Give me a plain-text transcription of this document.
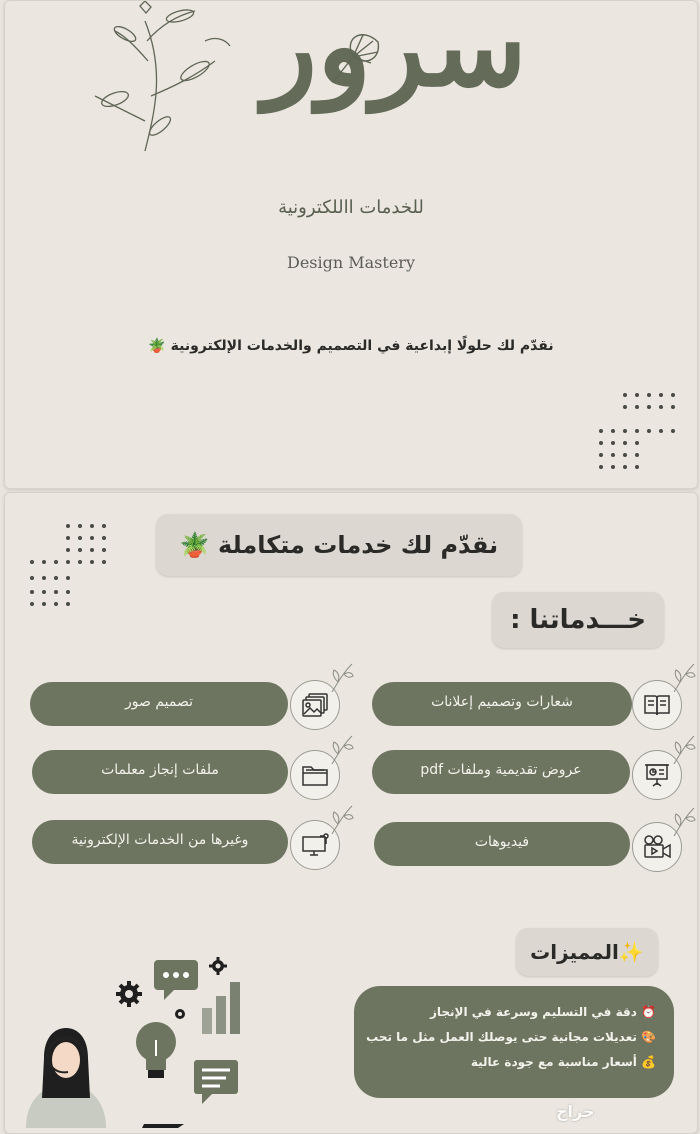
سرور
للخدمات االلكترونية
Design Mastery
نقدّم لك حلولًا إبداعية في التصميم والخدمات الإلكترونية 🪴
نقدّم لك خدمات متكاملة 🪴
خـــدماتنا :
شعارات وتصميم إعلانات
تصميم صور
عروض تقديمية وملفات pdf
ملفات إنجاز معلمات
فيديوهات
وغيرها من الخدمات الإلكترونية
✨المميزات
⏰ دقة في التسليم وسرعة في الإنجاز
🎨 تعديلات مجانية حتى يوصلك العمل مثل ما تحب
💰 أسعار مناسبة مع جودة عالية
حراج
